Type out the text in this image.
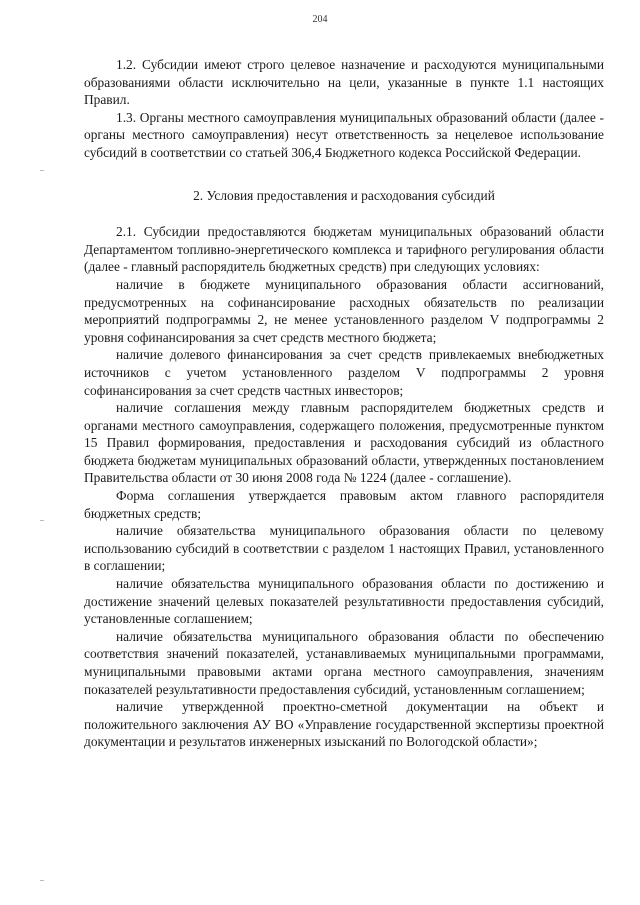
204

1.2. Субсидии имеют строго целевое назначение и расходуются муниципальными образованиями области исключительно на цели, указанные в пункте 1.1 настоящих Правил.

1.3. Органы местного самоуправления муниципальных образований области (далее - органы местного самоуправления) несут ответственность за нецелевое использование субсидий в соответствии со статьей 306,4 Бюджетного кодекса Российской Федерации.

2. Условия предоставления и расходования субсидий

2.1. Субсидии предоставляются бюджетам муниципальных образований области Департаментом топливно-энергетического комплекса и тарифного регулирования области (далее - главный распорядитель бюджетных средств) при следующих условиях:

наличие в бюджете муниципального образования области ассигнований, предусмотренных на софинансирование расходных обязательств по реализации мероприятий подпрограммы 2, не менее установленного разделом V подпрограммы 2 уровня софинансирования за счет средств местного бюджета;

наличие долевого финансирования за счет средств привлекаемых внебюджетных источников с учетом установленного разделом V подпрограммы 2 уровня софинансирования за счет средств частных инвесторов;

наличие соглашения между главным распорядителем бюджетных средств и органами местного самоуправления, содержащего положения, предусмотренные пунктом 15 Правил формирования, предоставления и расходования субсидий из областного бюджета бюджетам муниципальных образований области, утвержденных постановлением Правительства области от 30 июня 2008 года № 1224 (далее - соглашение).

Форма соглашения утверждается правовым актом главного распорядителя бюджетных средств;

наличие обязательства муниципального образования области по целевому использованию субсидий в соответствии с разделом 1 настоящих Правил, установленного в соглашении;

наличие обязательства муниципального образования области по достижению и достижение значений целевых показателей результативности предоставления субсидий, установленные соглашением;

наличие обязательства муниципального образования области по обеспечению соответствия значений показателей, устанавливаемых муниципальными программами, муниципальными правовыми актами органа местного самоуправления, значениям показателей результативности предоставления субсидий, установленным соглашением;

наличие утвержденной проектно-сметной документации на объект и положительного заключения АУ ВО «Управление государственной экспертизы проектной документации и результатов инженерных изысканий по Вологодской области»;
